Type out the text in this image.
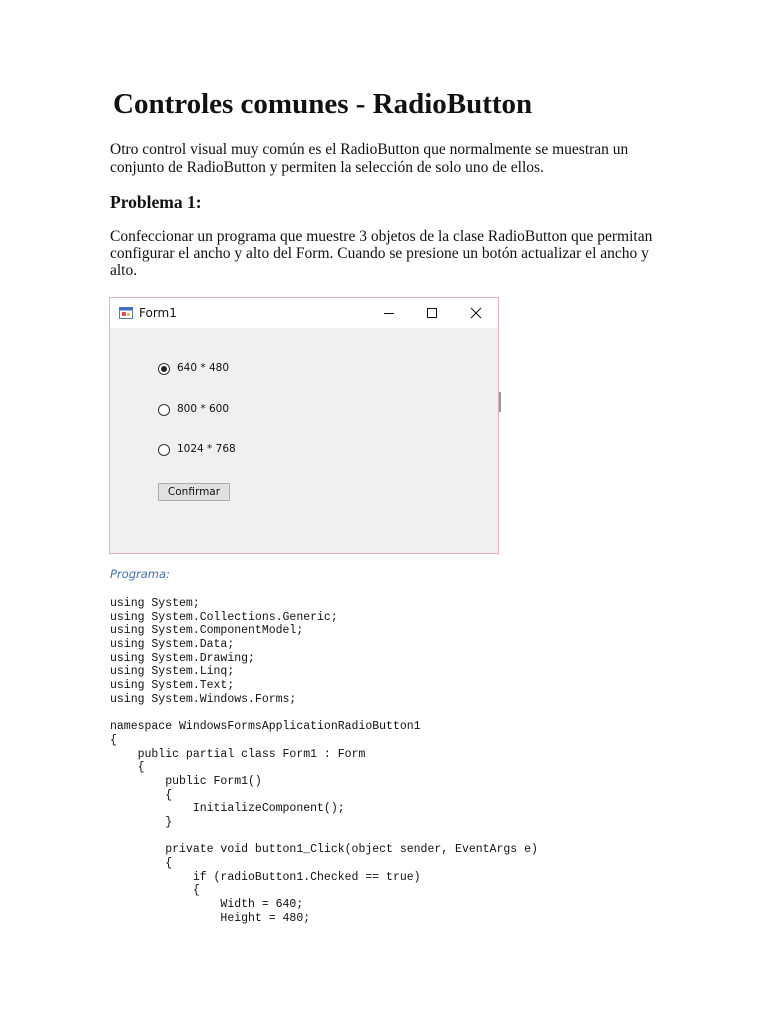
Controles comunes - RadioButton
Otro control visual muy común es el RadioButton que normalmente se muestran un conjunto de RadioButton y permiten la selección de solo uno de ellos.
Problema 1:
Confeccionar un programa que muestre 3 objetos de la clase RadioButton que permitan configurar el ancho y alto del Form. Cuando se presione un botón actualizar el ancho y alto.
Form1
640 * 480
800 * 600
1024 * 768
Confirmar
Programa:
using System;
using System.Collections.Generic;
using System.ComponentModel;
using System.Data;
using System.Drawing;
using System.Linq;
using System.Text;
using System.Windows.Forms;
namespace WindowsFormsApplicationRadioButton1
{
public partial class Form1 : Form
{
public Form1()
{
InitializeComponent();
}
private void button1_Click(object sender, EventArgs e)
{
if (radioButton1.Checked == true)
{
Width = 640;
Height = 480;
